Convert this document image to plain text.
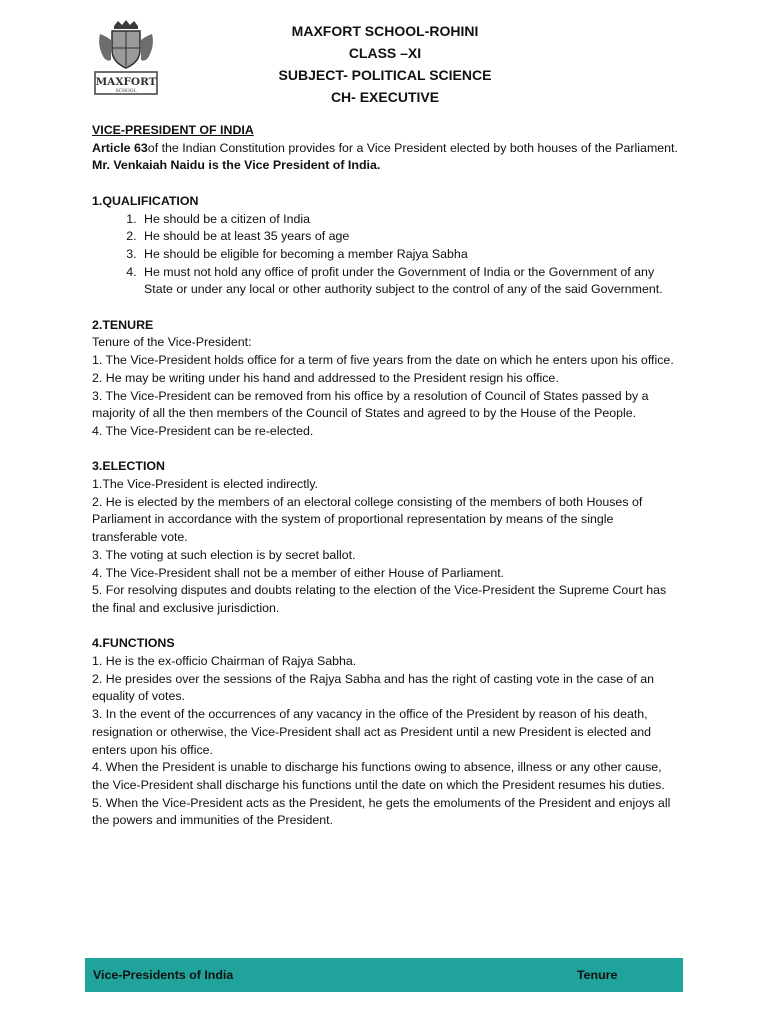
MAXFORT
SCHOOL
MAXFORT SCHOOL-ROHINI
CLASS –XI
SUBJECT- POLITICAL SCIENCE
CH- EXECUTIVE

VICE-PRESIDENT OF INDIA

Article 63of the Indian Constitution provides for a Vice President elected by both houses of the Parliament.

Mr. Venkaiah Naidu is the Vice President of India.

1.QUALIFICATION

1. He should be a citizen of India
2. He should be at least 35 years of age
3. He should be eligible for becoming a member Rajya Sabha
4. He must not hold any office of profit under the Government of India or the Government of any State or under any local or other authority subject to the control of any of the said Government.

2.TENURE

Tenure of the Vice-President:

1. The Vice-President holds office for a term of five years from the date on which he enters upon his office.

2. He may be writing under his hand and addressed to the President resign his office.

3. The Vice-President can be removed from his office by a resolution of Council of States passed by a majority of all the then members of the Council of States and agreed to by the House of the People.

4. The Vice-President can be re-elected.

3.ELECTION

1.The Vice-President is elected indirectly.

2. He is elected by the members of an electoral college consisting of the members of both Houses of Parliament in accordance with the system of proportional representation by means of the single transferable vote.

3. The voting at such election is by secret ballot.

4. The Vice-President shall not be a member of either House of Parliament.

5. For resolving disputes and doubts relating to the election of the Vice-President the Supreme Court has the final and exclusive jurisdiction.

4.FUNCTIONS

1. He is the ex-officio Chairman of Rajya Sabha.

2. He presides over the sessions of the Rajya Sabha and has the right of casting vote in the case of an equality of votes.

3. In the event of the occurrences of any vacancy in the office of the President by reason of his death, resignation or otherwise, the Vice-President shall act as President until a new President is elected and enters upon his office.

4. When the President is unable to discharge his functions owing to absence, illness or any other cause, the Vice-President shall discharge his functions until the date on which the President resumes his duties.

5. When the Vice-President acts as the President, he gets the emoluments of the President and enjoys all the powers and immunities of the President.

Vice-Presidents of India	Tenure
